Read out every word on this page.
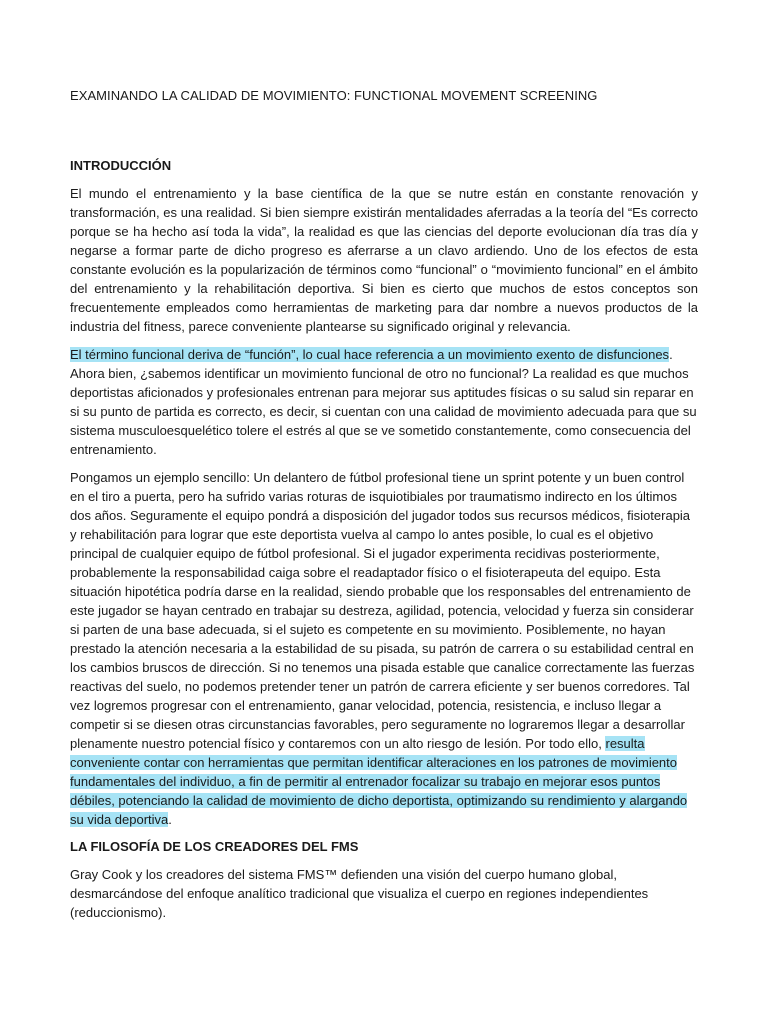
EXAMINANDO LA CALIDAD DE MOVIMIENTO: FUNCTIONAL MOVEMENT SCREENING
INTRODUCCIÓN

El mundo el entrenamiento y la base científica de la que se nutre están en constante renovación y transformación, es una realidad. Si bien siempre existirán mentalidades aferradas a la teoría del “Es correcto porque se ha hecho así toda la vida”, la realidad es que las ciencias del deporte evolucionan día tras día y negarse a formar parte de dicho progreso es aferrarse a un clavo ardiendo. Uno de los efectos de esta constante evolución es la popularización de términos como “funcional” o “movimiento funcional” en el ámbito del entrenamiento y la rehabilitación deportiva. Si bien es cierto que muchos de estos conceptos son frecuentemente empleados como herramientas de marketing para dar nombre a nuevos productos de la industria del fitness, parece conveniente plantearse su significado original y relevancia.

El término funcional deriva de “función”, lo cual hace referencia a un movimiento exento de disfunciones. Ahora bien, ¿sabemos identificar un movimiento funcional de otro no funcional? La realidad es que muchos deportistas aficionados y profesionales entrenan para mejorar sus aptitudes físicas o su salud sin reparar en si su punto de partida es correcto, es decir, si cuentan con una calidad de movimiento adecuada para que su sistema musculoesquelético tolere el estrés al que se ve sometido constantemente, como consecuencia del entrenamiento.

Pongamos un ejemplo sencillo: Un delantero de fútbol profesional tiene un sprint potente y un buen control en el tiro a puerta, pero ha sufrido varias roturas de isquiotibiales por traumatismo indirecto en los últimos dos años. Seguramente el equipo pondrá a disposición del jugador todos sus recursos médicos, fisioterapia y rehabilitación para lograr que este deportista vuelva al campo lo antes posible, lo cual es el objetivo principal de cualquier equipo de fútbol profesional. Si el jugador experimenta recidivas posteriormente, probablemente la responsabilidad caiga sobre el readaptador físico o el fisioterapeuta del equipo. Esta situación hipotética podría darse en la realidad, siendo probable que los responsables del entrenamiento de este jugador se hayan centrado en trabajar su destreza, agilidad, potencia, velocidad y fuerza sin considerar si parten de una base adecuada, si el sujeto es competente en su movimiento. Posiblemente, no hayan prestado la atención necesaria a la estabilidad de su pisada, su patrón de carrera o su estabilidad central en los cambios bruscos de dirección. Si no tenemos una pisada estable que canalice correctamente las fuerzas reactivas del suelo, no podemos pretender tener un patrón de carrera eficiente y ser buenos corredores. Tal vez logremos progresar con el entrenamiento, ganar velocidad, potencia, resistencia, e incluso llegar a competir si se diesen otras circunstancias favorables, pero seguramente no lograremos llegar a desarrollar plenamente nuestro potencial físico y contaremos con un alto riesgo de lesión. Por todo ello, resulta conveniente contar con herramientas que permitan identificar alteraciones en los patrones de movimiento fundamentales del individuo, a fin de permitir al entrenador focalizar su trabajo en mejorar esos puntos débiles, potenciando la calidad de movimiento de dicho deportista, optimizando su rendimiento y alargando su vida deportiva.

LA FILOSOFÍA DE LOS CREADORES DEL FMS

Gray Cook y los creadores del sistema FMS™ defienden una visión del cuerpo humano global, desmarcándose del enfoque analítico tradicional que visualiza el cuerpo en regiones independientes (reduccionismo).
